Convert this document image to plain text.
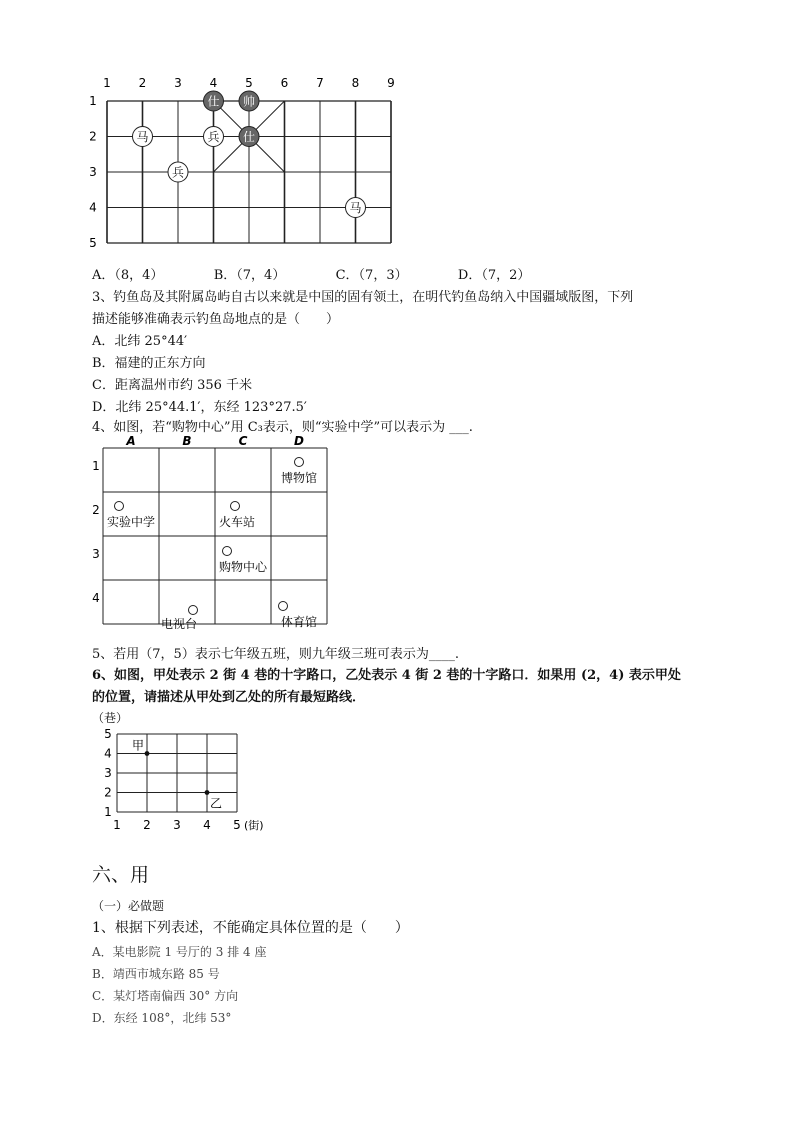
1 2 3 4 5 6 7 8 9
1
2
3
4
5
仕 帅
马	兵 仕
兵
马
A．（8，4）	B．（7，4）	C．（7，3）	D．（7，2）
3、钓鱼岛及其附属岛屿自古以来就是中国的固有领土，在明代钓鱼岛纳入中国疆域版图，下列
描述能够准确表示钓鱼岛地点的是（　　）
A．北纬 25°44′
B．福建的正东方向
C．距离温州市约 356 千米
D．北纬 25°44.1′，东经 123°27.5′
4、如图，若“购物中心”用 C₃表示，则“实验中学”可以表示为 ___.
A	B	C	D
1
2
3
4
博物馆
实验中学	火车站
购物中心
电视台	体育馆
5、若用（7，5）表示七年级五班，则九年级三班可表示为____.
6、如图，甲处表示 2 街 4 巷的十字路口，乙处表示 4 街 2 巷的十字路口．如果用 (2，4) 表示甲处
的位置，请描述从甲处到乙处的所有最短路线．
（巷）
1 2 3 4 5 (街)
1
2
3
4
5
甲
乙
六、用
（一）必做题
1、根据下列表述，不能确定具体位置的是（　　）
A．某电影院 1 号厅的 3 排 4 座
B．靖西市城东路 85 号
C．某灯塔南偏西 30° 方向
D．东经 108°，北纬 53°
